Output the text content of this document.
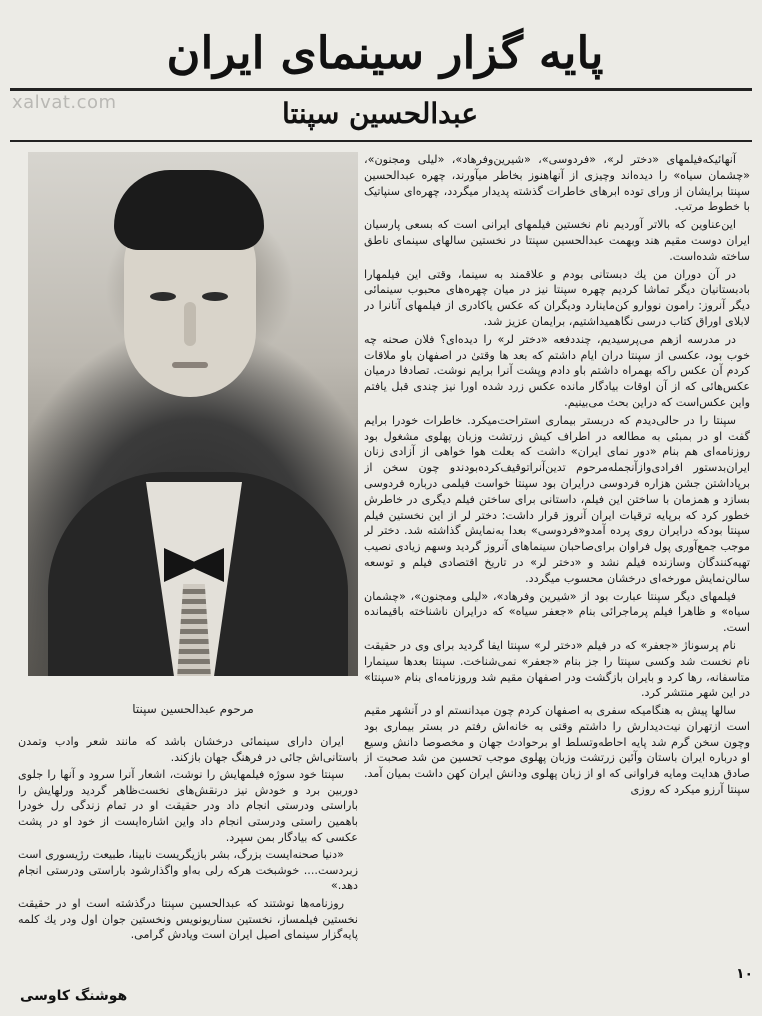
پایه گزار سینمای ایران
xalvat.com	عبدالحسین سپنتا
مرحوم عبدالحسین سپنتا

آنهائیکه‌فیلمهای «دختر لر»، «فردوسی»، «شیرین‌وفرهاد»، «لیلی ومجنون»، «چشمان سیاه» را دیده‌اند وچیزی از آنهاهنوز بخاطر میآورند، چهره عبدالحسین سپنتا برایشان از ورای توده ابرهای خاطرات گذشته پدیدار میگردد، چهره‌ای سنپاتیک با خطوط مرتب.

این‌عناوین که بالاتر آوردیم نام نخستین فیلمهای ایرانی است که بسعی پارسیان ایران دوست مقیم هند وبهمت عبدالحسین سپنتا در نخستین سالهای سینمای ناطق ساخته شده‌است.

در آن دوران من یك دبستانی بودم و علاقمند به سینما، وقتی این فیلمهارا بادبستانیان دیگر تماشا کردیم چهره سپنتا نیز در میان چهره‌های محبوب سینمائی دیگر آنروز: رامون نووارو کن‌ماینارد ودیگران که عکس یاکادری از فیلمهای آنانرا در لابلای اوراق کتاب درسی نگاهمیداشتیم، برایمان عزیز شد.

در مدرسه ازهم می‌پرسیدیم، چنددفعه «دختر لر» را دیده‌ای؟ فلان صحنه چه خوب بود، عکسی از سپنتا دران ایام داشتم که بعد ها وقتیٰ در اصفهان باو ملاقات کردم آن عکس راکه بهمراه داشتم باو دادم وپشت آنرا برایم نوشت. تصادفا درمیان عکس‌هائی که از آن اوقات بیادگار مانده عکس زرد شده اورا نیز چندی قبل یافتم واین عکس‌است که دراین بحث می‌بینیم.

سپنتا را در حالی‌دیدم که دربستر بیماری استراحت‌میکرد. خاطرات خودرا برایم گفت او در بمبئی به مطالعه در اطراف کیش زرتشت وزبان پهلوی مشغول بود روزنامه‌ای هم بنام «دور نمای ایران» داشت که بعلت هوا خواهی از آزادی زنان ایران‌بدستور افرادی‌وازآنجمله‌مرحوم تدین‌آنراتوقیف‌کرده‌بودند‌و چون سخن از برپاداشتن جشن هزاره فردوسی درایران بود سپنتا خواست فیلمی درباره فردوسی بسازد و همزمان با ساختن این فیلم، داستانی برای ساختن فیلم دیگری در خاطرش خطور کرد که برپایه ترقیات ایران آنروز قرار داشت: دختر لر از این نخستین فیلم سپنتا بودکه درایران روی پرده آمدو«فردوسی» بعدا به‌نمایش گذاشته شد. دختر لر موجب جمع‌آوری پول فراوان برای‌صاحبان سینماهای آنروز گردید وسهم زیادی نصیب تهیه‌کنندگان وسازنده فیلم نشد و «دختر لر» در تاریخ اقتصادی فیلم و توسعه سالن‌نمایش مورخه‌ای درخشان محسوب میگردد.

فیلمهای دیگر سپنتا عبارت بود از «شیرین وفرهاد»، «لیلی ومجنون»، «چشمان سیاه» و ظاهرا فیلم پرماجرائی بنام «جعفر سیاه» که درایران ناشناخته باقیمانده است.

نام پرسوناژ «جعفر» که در فیلم «دختر لر» سپنتا ایفا گردید برای وی در حقیقت نام نخست شد وکسی سپنتا را جز بنام «جعفر» نمی‌شناخت. سپنتا بعدها سینمارا متاسفانه، رها کرد و بایران بازگشت ودر اصفهان مقیم شد وروزنامه‌ای بنام «سپنتا» در این شهر منتشر کرد.

سالها پیش به هنگامیکه سفری به اصفهان کردم چون میدانستم او در آنشهر مقیم است ازتهران نیت‌دیدارش را داشتم وقتی به خانه‌اش رفتم در بستر بیماری بود وچون سخن گرم شد پایه احاطه‌وتسلط او برحوادث جهان و مخصوصا دانش وسیع او درباره ایران باستان وآئین زرتشت وزبان پهلوی موجب تحسین من شد صحبت از صادق هدایت ومایه فراوانی که او از زبان پهلوی ودانش ایران کهن داشت بمیان آمد. سپنتا آرزو میکرد که روزی

ایران دارای سینمائی درخشان باشد که مانند شعر وادب وتمدن باستانی‌اش جائی در فرهنگ جهان بازکند.

سپنتا خود سوژه فیلمهایش را نوشت، اشعار آنرا سرود و آنها را جلوی دوربین برد و خودش نیز درنقش‌های نخست‌ظاهر گردید ورلهایش را باراستی ودرستی انجام داد ودر حقیقت او در تمام زندگی رل خودرا باهمین راستی ودرستی انجام داد واین اشاره‌ایست از خود او در پشت عکسی که بیادگار بمن سپرد.

«دنیا صحنه‌ایست بزرگ، بشر بازیگریست نابینا، طبیعت رژیسوری است زبردست.... خوشبخت هرکه رلی به‌او واگذارشود باراستی ودرستی انجام دهد.»

روزنامه‌ها نوشتند که عبدالحسین سپنتا درگذشته است او در حقیقت نخستین فیلمساز، نخستین سناریونویس ونخستین جوان اول ودر یك کلمه پایه‌گزار سینمای اصیل ایران است ویادش گرامی.

هوشنگ کاوسی
۱۰
